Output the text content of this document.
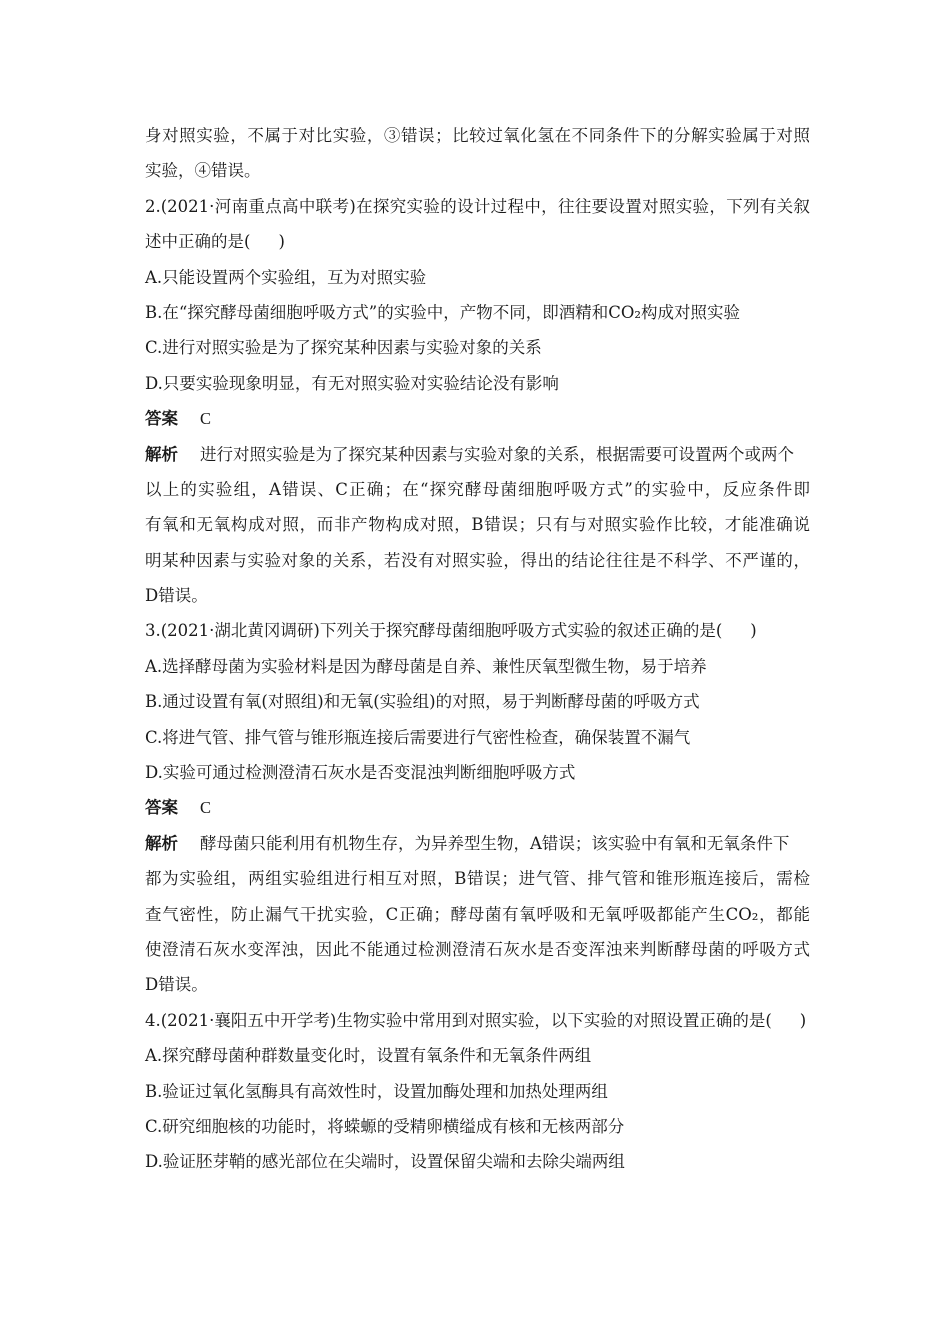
身对照实验，不属于对比实验，③错误；比较过氧化氢在不同条件下的分解实验属于对照
实验，④错误。
2.(2021·河南重点高中联考)在探究实验的设计过程中，往往要设置对照实验，下列有关叙
述中正确的是( )
A.只能设置两个实验组，互为对照实验
B.在“探究酵母菌细胞呼吸方式”的实验中，产物不同，即酒精和CO₂构成对照实验
C.进行对照实验是为了探究某种因素与实验对象的关系
D.只要实验现象明显，有无对照实验对实验结论没有影响
答案 C
解析 进行对照实验是为了探究某种因素与实验对象的关系，根据需要可设置两个或两个
以上的实验组，A错误、C正确；在“探究酵母菌细胞呼吸方式”的实验中，反应条件即
有氧和无氧构成对照，而非产物构成对照，B错误；只有与对照实验作比较，才能准确说
明某种因素与实验对象的关系，若没有对照实验，得出的结论往往是不科学、不严谨的，
D错误。
3.(2021·湖北黄冈调研)下列关于探究酵母菌细胞呼吸方式实验的叙述正确的是( )
A.选择酵母菌为实验材料是因为酵母菌是自养、兼性厌氧型微生物，易于培养
B.通过设置有氧(对照组)和无氧(实验组)的对照，易于判断酵母菌的呼吸方式
C.将进气管、排气管与锥形瓶连接后需要进行气密性检查，确保装置不漏气
D.实验可通过检测澄清石灰水是否变混浊判断细胞呼吸方式
答案 C
解析 酵母菌只能利用有机物生存，为异养型生物，A错误；该实验中有氧和无氧条件下
都为实验组，两组实验组进行相互对照，B错误；进气管、排气管和锥形瓶连接后，需检
查气密性，防止漏气干扰实验，C正确；酵母菌有氧呼吸和无氧呼吸都能产生CO₂，都能
使澄清石灰水变浑浊，因此不能通过检测澄清石灰水是否变浑浊来判断酵母菌的呼吸方式
D错误。
4.(2021·襄阳五中开学考)生物实验中常用到对照实验，以下实验的对照设置正确的是( )
A.探究酵母菌种群数量变化时，设置有氧条件和无氧条件两组
B.验证过氧化氢酶具有高效性时，设置加酶处理和加热处理两组
C.研究细胞核的功能时，将蝾螈的受精卵横缢成有核和无核两部分
D.验证胚芽鞘的感光部位在尖端时，设置保留尖端和去除尖端两组
